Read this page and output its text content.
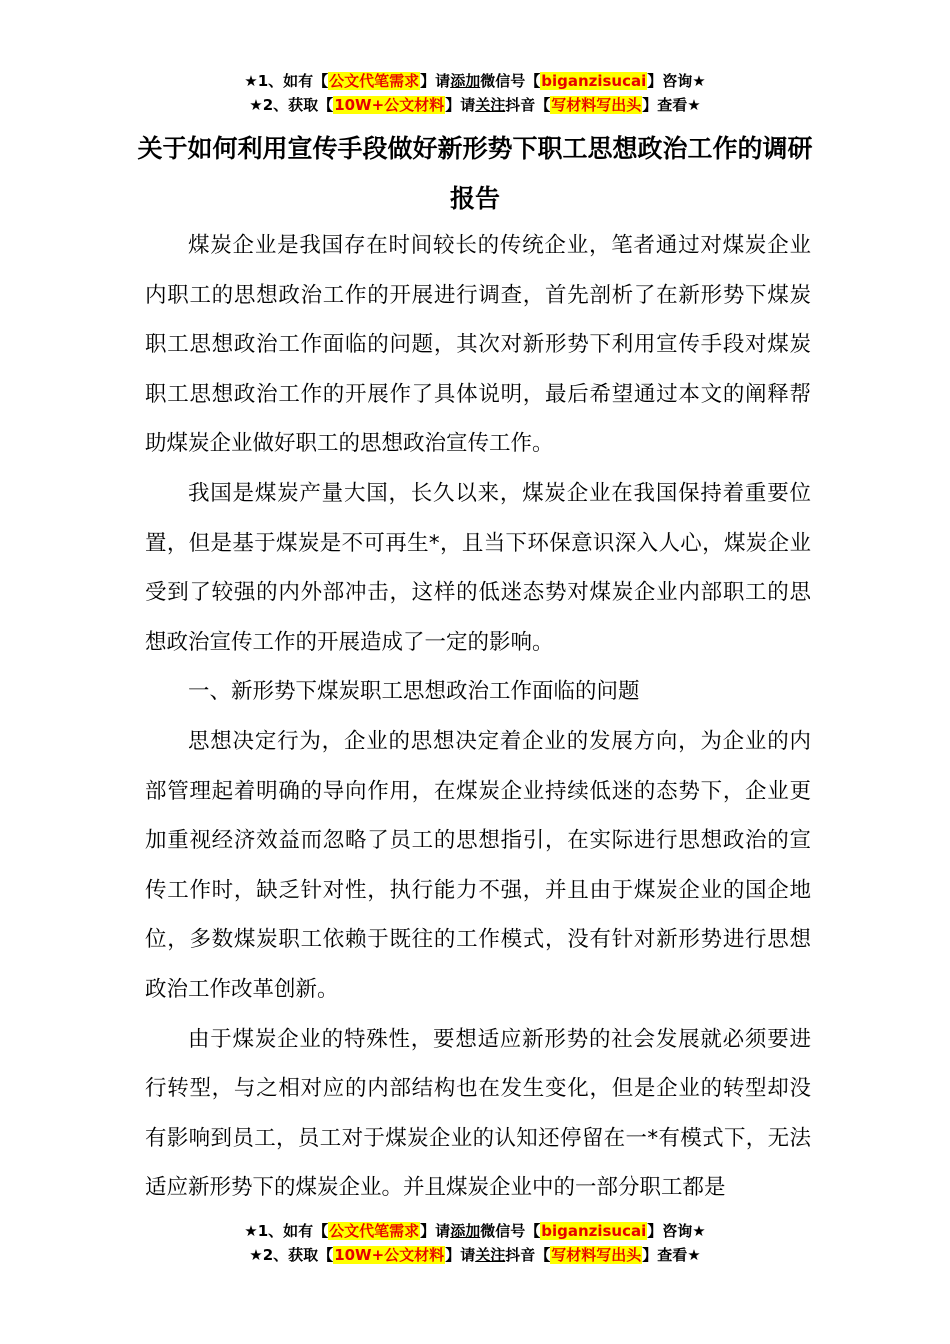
★1、如有【公文代笔需求】请添加微信号【biganzisucai】咨询★
★2、获取【10W+公文材料】请关注抖音【写材料写出头】查看★
关于如何利用宣传手段做好新形势下职工思想政治工作的调研报告

煤炭企业是我国存在时间较长的传统企业，笔者通过对煤炭企业内职工的思想政治工作的开展进行调查，首先剖析了在新形势下煤炭职工思想政治工作面临的问题，其次对新形势下利用宣传手段对煤炭职工思想政治工作的开展作了具体说明，最后希望通过本文的阐释帮助煤炭企业做好职工的思想政治宣传工作。

我国是煤炭产量大国，长久以来，煤炭企业在我国保持着重要位置，但是基于煤炭是不可再生*，且当下环保意识深入人心，煤炭企业受到了较强的内外部冲击，这样的低迷态势对煤炭企业内部职工的思想政治宣传工作的开展造成了一定的影响。

一、新形势下煤炭职工思想政治工作面临的问题

思想决定行为，企业的思想决定着企业的发展方向，为企业的内部管理起着明确的导向作用，在煤炭企业持续低迷的态势下，企业更加重视经济效益而忽略了员工的思想指引，在实际进行思想政治的宣传工作时，缺乏针对性，执行能力不强，并且由于煤炭企业的国企地位，多数煤炭职工依赖于既往的工作模式，没有针对新形势进行思想政治工作改革创新。

由于煤炭企业的特殊性，要想适应新形势的社会发展就必须要进行转型，与之相对应的内部结构也在发生变化，但是企业的转型却没有影响到员工，员工对于煤炭企业的认知还停留在一*有模式下，无法适应新形势下的煤炭企业。并且煤炭企业中的一部分职工都是

★1、如有【公文代笔需求】请添加微信号【biganzisucai】咨询★
★2、获取【10W+公文材料】请关注抖音【写材料写出头】查看★
